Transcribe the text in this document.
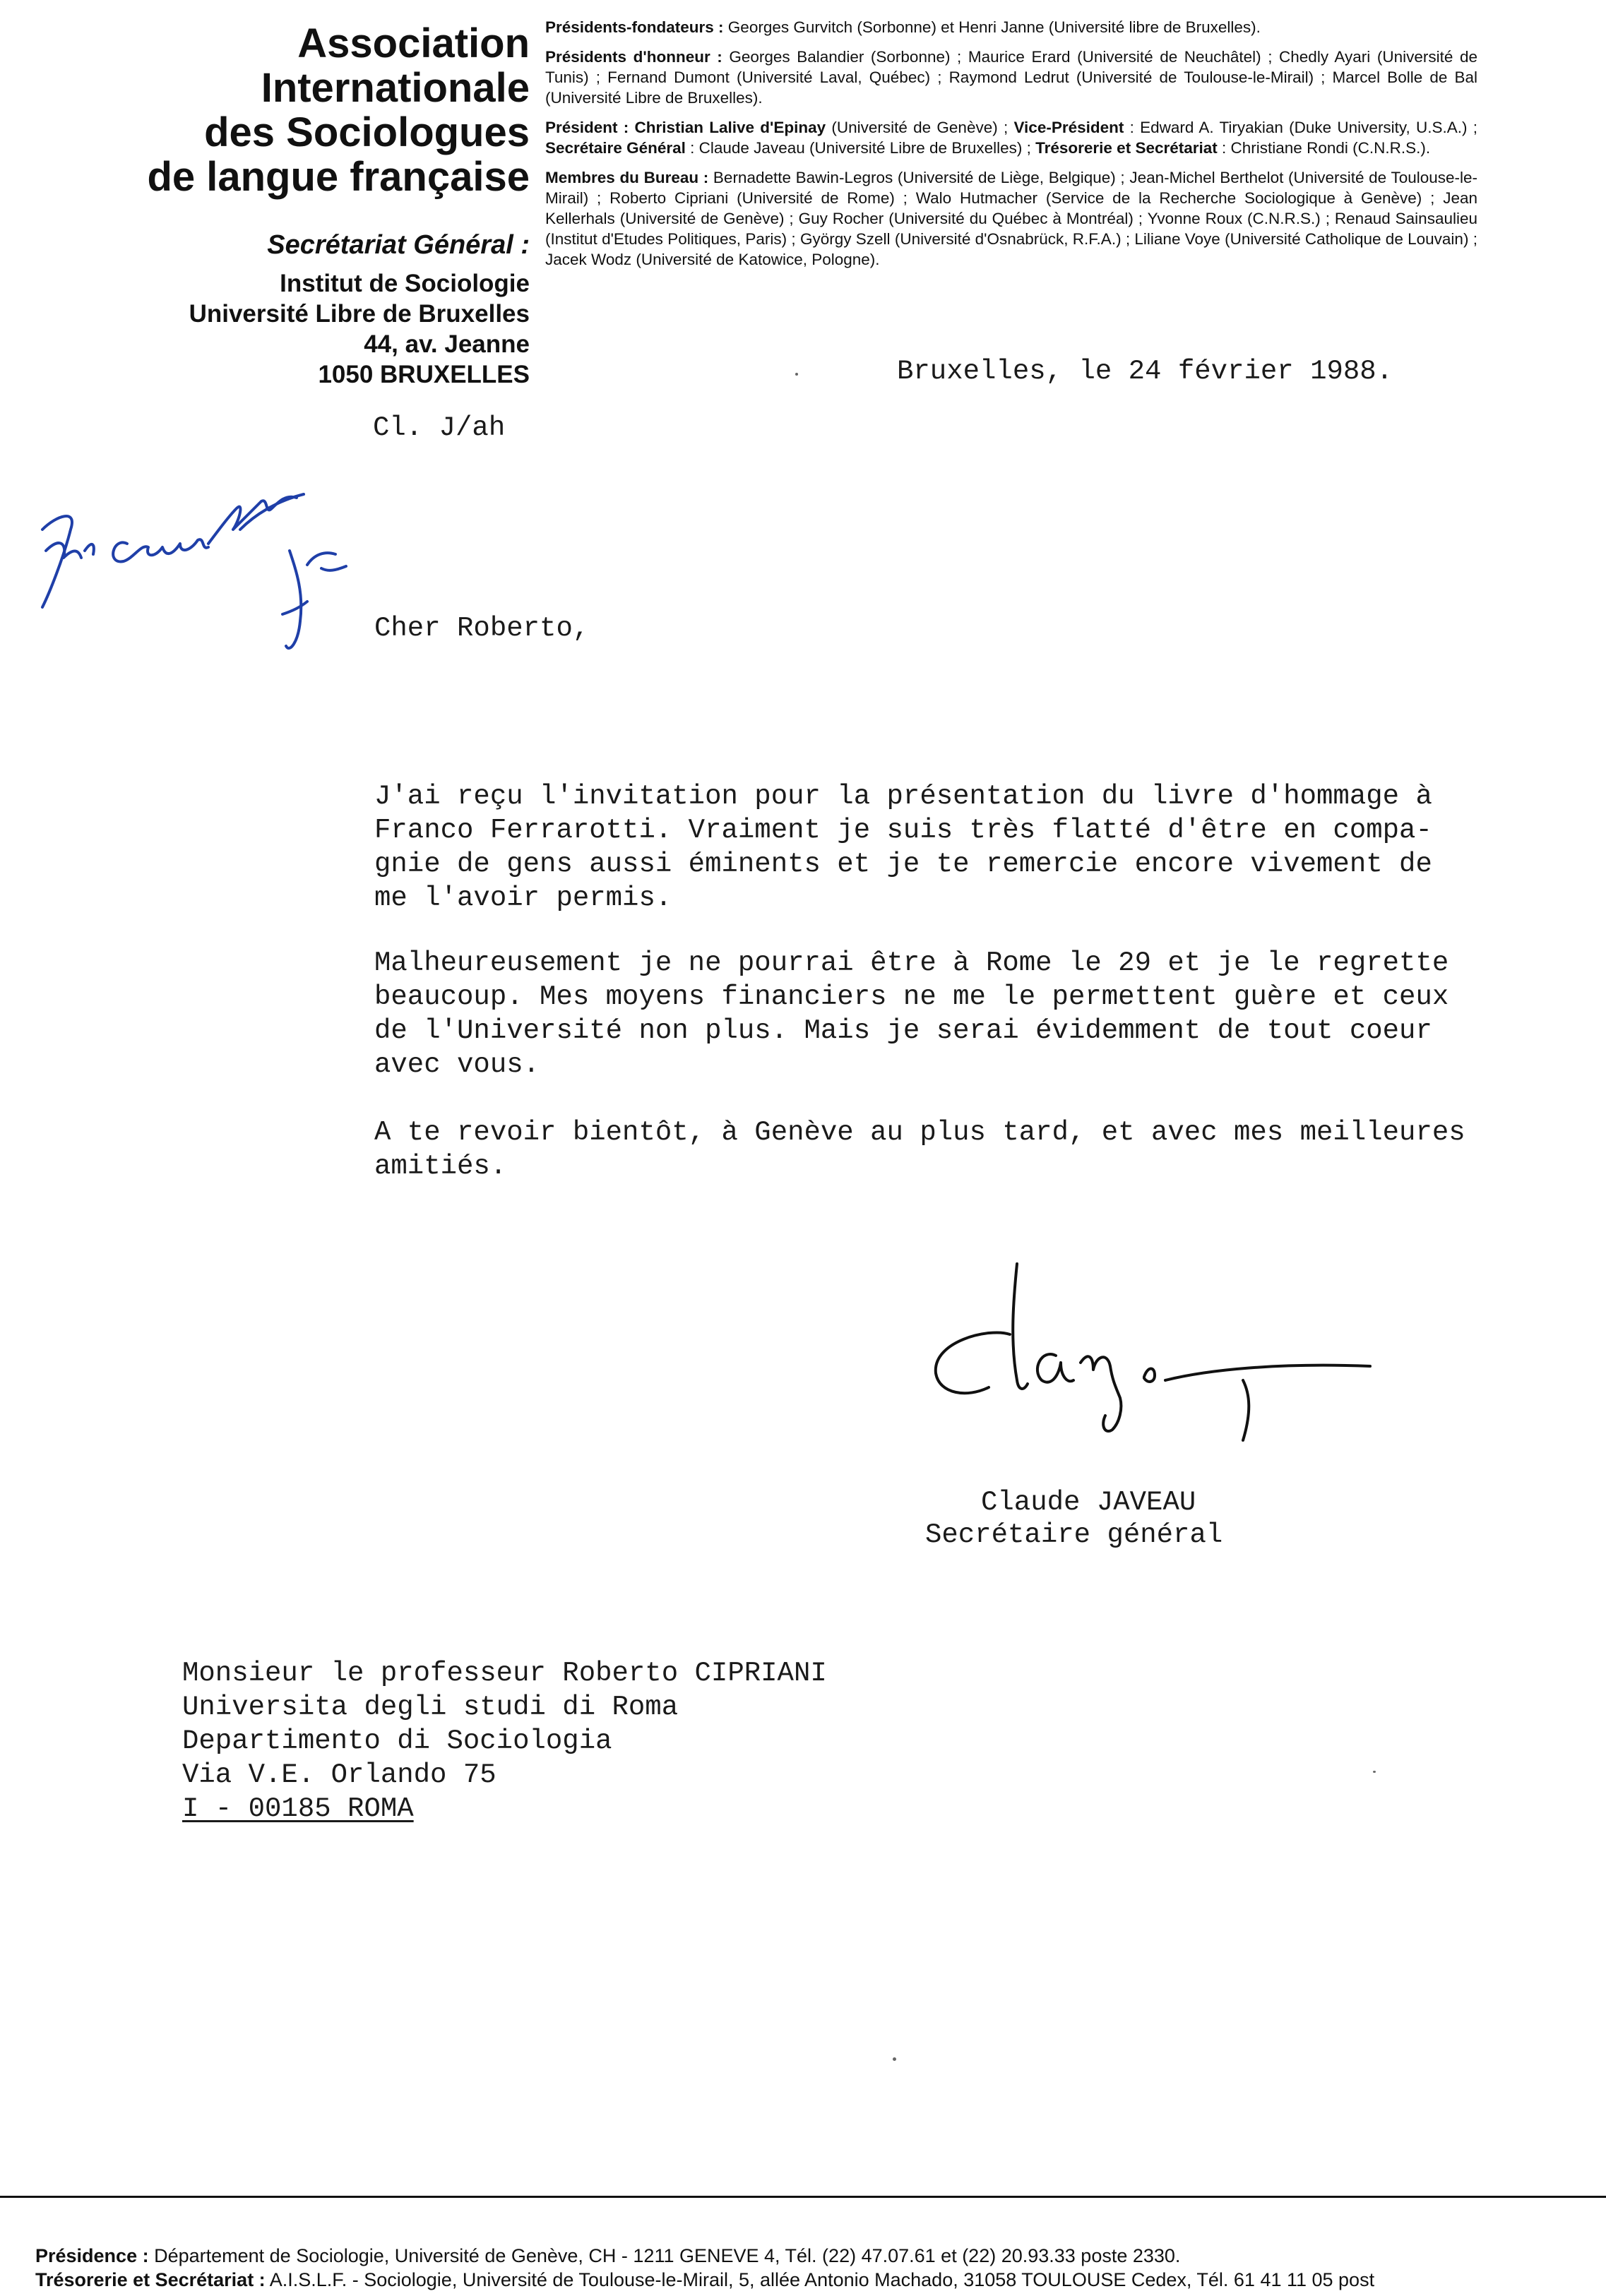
Association
Internationale
des Sociologues
de langue française
Secrétariat Général :
Institut de Sociologie
Université Libre de Bruxelles
44, av. Jeanne
1050 BRUXELLES

Présidents-fondateurs : Georges Gurvitch (Sorbonne) et Henri Janne (Université libre de Bruxelles).

Présidents d'honneur : Georges Balandier (Sorbonne) ; Maurice Erard (Université de Neuchâtel) ; Chedly Ayari (Université de Tunis) ; Fernand Dumont (Université Laval, Québec) ; Raymond Ledrut (Université de Toulouse-le-Mirail) ; Marcel Bolle de Bal (Université Libre de Bruxelles).

Président : Christian Lalive d'Epinay (Université de Genève) ; Vice-Président : Edward A. Tiryakian (Duke University, U.S.A.) ; Secrétaire Général : Claude Javeau (Université Libre de Bruxelles) ; Trésorerie et Secrétariat : Christiane Rondi (C.N.R.S.).

Membres du Bureau : Bernadette Bawin-Legros (Université de Liège, Belgique) ; Jean-Michel Berthelot (Université de Toulouse-le-Mirail) ; Roberto Cipriani (Université de Rome) ; Walo Hutmacher (Service de la Recherche Sociologique à Genève) ; Jean Kellerhals (Université de Genève) ; Guy Rocher (Université du Québec à Montréal) ; Yvonne Roux (C.N.R.S.) ; Renaud Sainsaulieu (Institut d'Etudes Politiques, Paris) ; György Szell (Université d'Osnabrück, R.F.A.) ; Liliane Voye (Université Catholique de Louvain) ; Jacek Wodz (Université de Katowice, Pologne).

Cl. J/ah
Bruxelles, le 24 février 1988.
Cher Roberto,
J'ai reçu l'invitation pour la présentation du livre d'hommage à
Franco Ferrarotti. Vraiment je suis très flatté d'être en compa-
gnie de gens aussi éminents et je te remercie encore vivement de
me l'avoir permis.
Malheureusement je ne pourrai être à Rome le 29 et je le regrette
beaucoup. Mes moyens financiers ne me le permettent guère et ceux
de l'Université non plus. Mais je serai évidemment de tout coeur
avec vous.
A te revoir bientôt, à Genève au plus tard, et avec mes meilleures
amitiés.
Claude JAVEAU
Secrétaire général
Monsieur le professeur Roberto CIPRIANI
Universita degli studi di Roma
Departimento di Sociologia
Via V.E. Orlando 75
I - 00185 ROMA
Présidence : Département de Sociologie, Université de Genève, CH - 1211 GENEVE 4, Tél. (22) 47.07.61 et (22) 20.93.33 poste 2330.
Trésorerie et Secrétariat : A.I.S.L.F. - Sociologie, Université de Toulouse-le-Mirail, 5, allée Antonio Machado, 31058 TOULOUSE Cedex, Tél. 61 41 11 05 post
